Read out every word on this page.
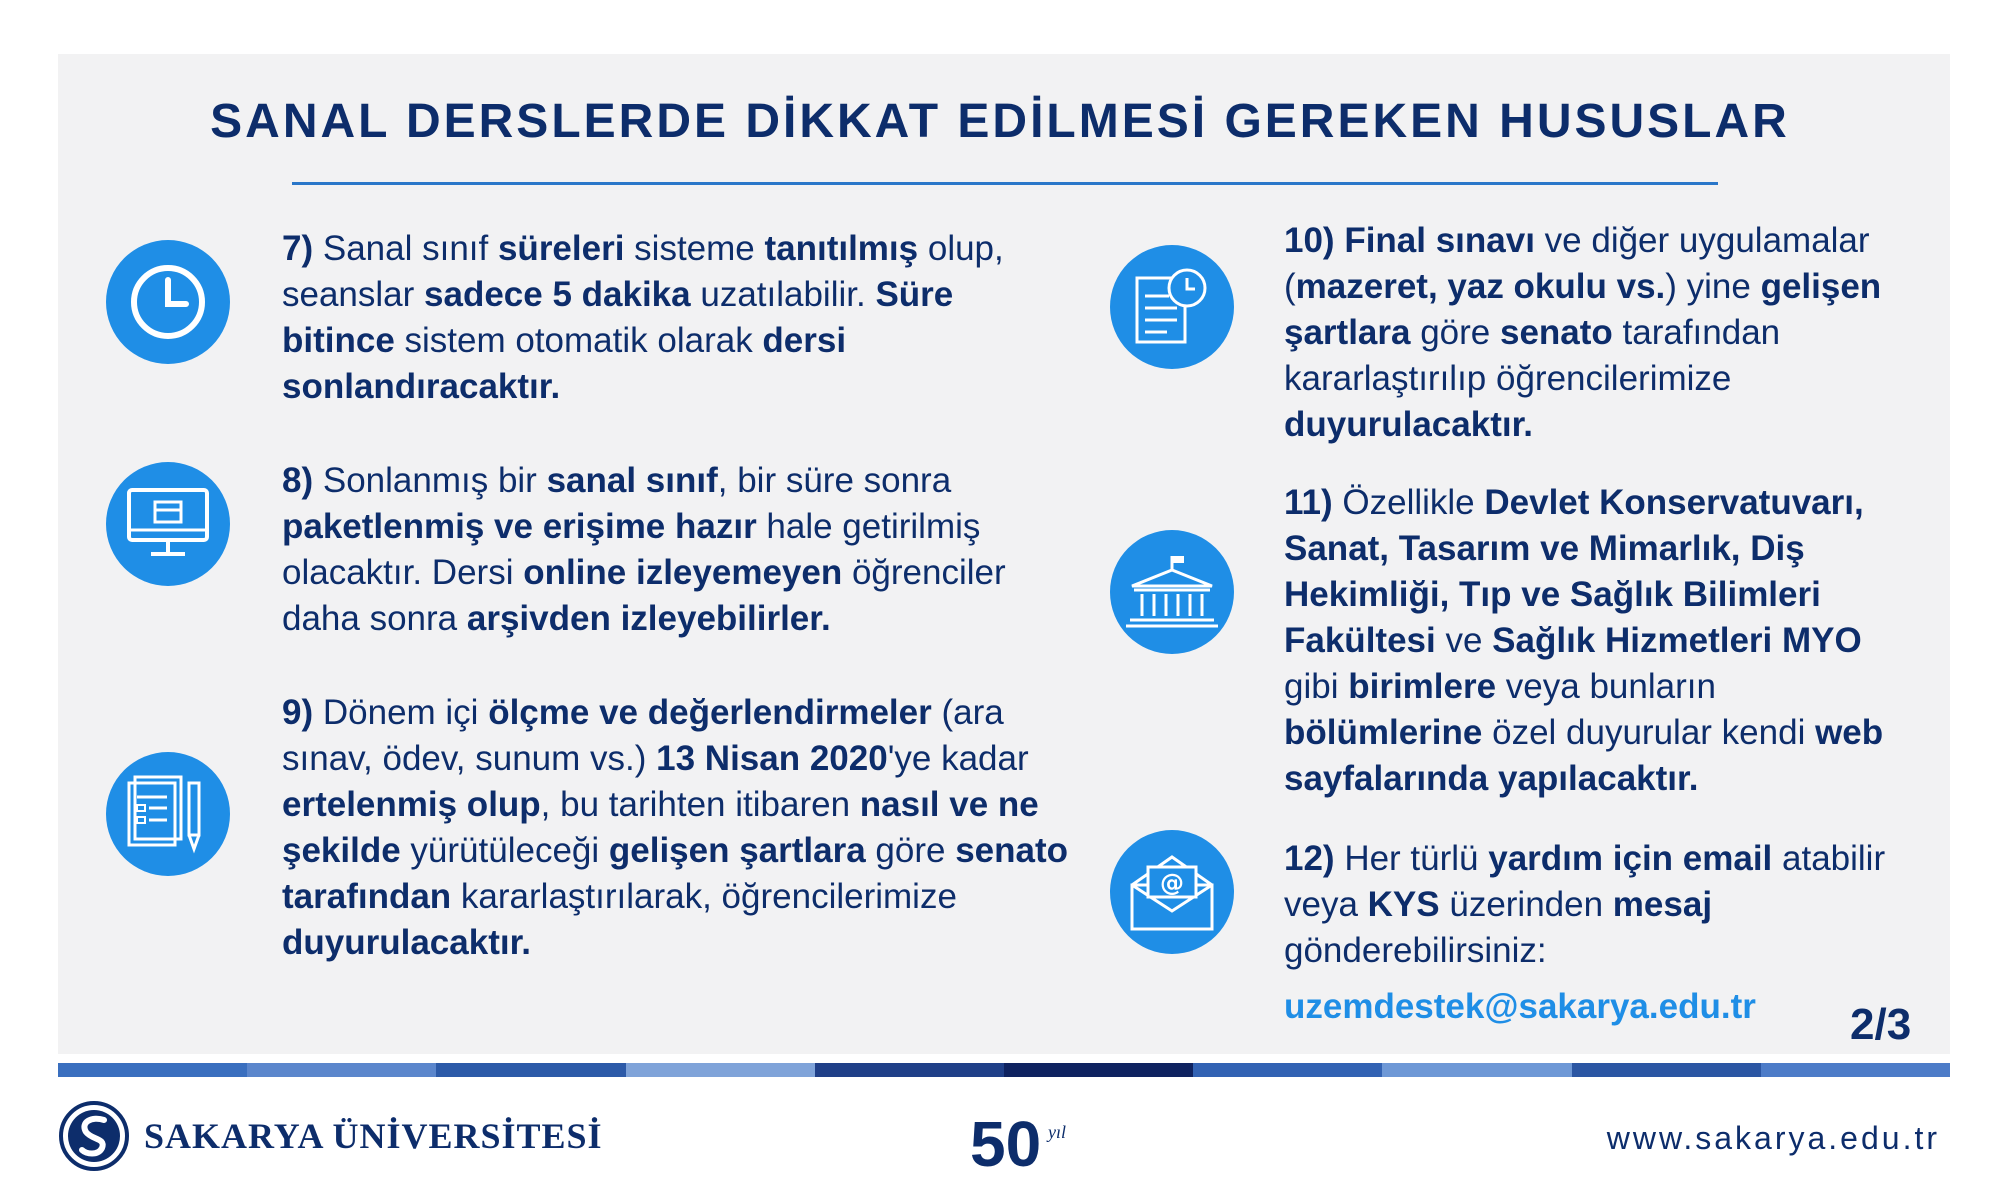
SANAL DERSLERDE DİKKAT EDİLMESİ GEREKEN HUSUSLAR

7) Sanal sınıf süreleri sisteme tanıtılmış olup, seanslar sadece 5 dakika uzatılabilir. Süre bitince sistem otomatik olarak dersi sonlandıracaktır.

8) Sonlanmış bir sanal sınıf, bir süre sonra paketlenmiş ve erişime hazır hale getirilmiş olacaktır. Dersi online izleyemeyen öğrenciler daha sonra arşivden izleyebilirler.

9) Dönem içi ölçme ve değerlendirmeler (ara sınav, ödev, sunum vs.) 13 Nisan 2020'ye kadar ertelenmiş olup, bu tarihten itibaren nasıl ve ne şekilde yürütüleceği gelişen şartlara göre senato tarafından kararlaştırılarak, öğrencilerimize duyurulacaktır.

10) Final sınavı ve diğer uygulamalar (mazeret, yaz okulu vs.) yine gelişen şartlara göre senato tarafından kararlaştırılıp öğrencilerimize duyurulacaktır.

11) Özellikle Devlet Konservatuvarı, Sanat, Tasarım ve Mimarlık, Diş Hekimliği, Tıp ve Sağlık Bilimleri Fakültesi ve Sağlık Hizmetleri MYO gibi birimlere veya bunların bölümlerine özel duyurular kendi web sayfalarında yapılacaktır.

@

12) Her türlü yardım için email atabilir veya KYS üzerinden mesaj gönderebilirsiniz:

uzemdestek@sakarya.edu.tr 2/3
SAKARYA ÜNİVERSİTESİ	50 yıl	www.sakarya.edu.tr
